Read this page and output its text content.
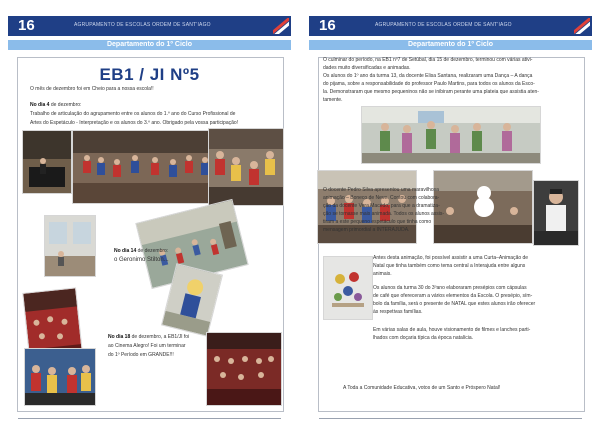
16	AGRUPAMENTO DE ESCOLAS ORDEM DE SANT'IAGO
Departamento do 1º Ciclo
EB1 / JI Nº5
O mês de dezembro foi em Cheio para a nossa escola!!
No dia 4 de dezembro:
Trabalho de articulação do agrupamento entre os alunos do 1.º ano do Curso Profissional de
Artes do Espetáculo - Interpretação e os alunos do 3.º ano. Obrigado pela vossa participação!
No dia 14 de dezembro:
o Geronimo Stilton...
No dia 18 de dezembro, a EB1/JI foi
ao Cinema Alegro! Foi um terminar
do 1º Período em GRANDE!!!
16	AGRUPAMENTO DE ESCOLAS ORDEM DE SANT'IAGO
Departamento do 1º Ciclo
O culminar do período, na EB1 nº7 de Setúbal, dia 15 de dezembro, terminou com várias ativi-
dades muito diversificadas e animadas.
Os alunos do 1º ano da turma 13, da docente Elisa Santana, realizaram uma Dança – A dança
do pijama, sobre a responsabilidade do professor Paulo Martins, para todos os alunos da Esco-
la. Demonstraram que mesmo pequeninos não se inibiram perante uma plateia que assistia aten-
tamente.
O docente Pedro Silva apresentou uma maravilhosa
animação – Boneco de Neve. Contou com colabora-
ção da docente Vera Macedo, para que a dramatiza-
ção se tornasse mais animada. Todos os alunos assis-
tiram a este pequeno espetáculo que tinha como
mensagem primordial a INTERAJUDA.
Antes desta animação, foi possível assistir a uma Curta–Animação de
Natal que tinha também como tema central a Interajuda entre alguns
animais.
Os alunos da turma 30 do 3ºano elaboraram presépios com cápsulas
de café que ofereceram a vários elementos da Escola. O presépio, sím-
bolo da família, será o presente de NATAL que estes alunos irão oferecer
às respetivas famílias.
Em várias salas de aula, houve visionamento de filmes e lanches parti-
lhados com doçaria típica da época natalícia.
A Toda a Comunidade Educativa, votos de um Santo e Próspero Natal!
